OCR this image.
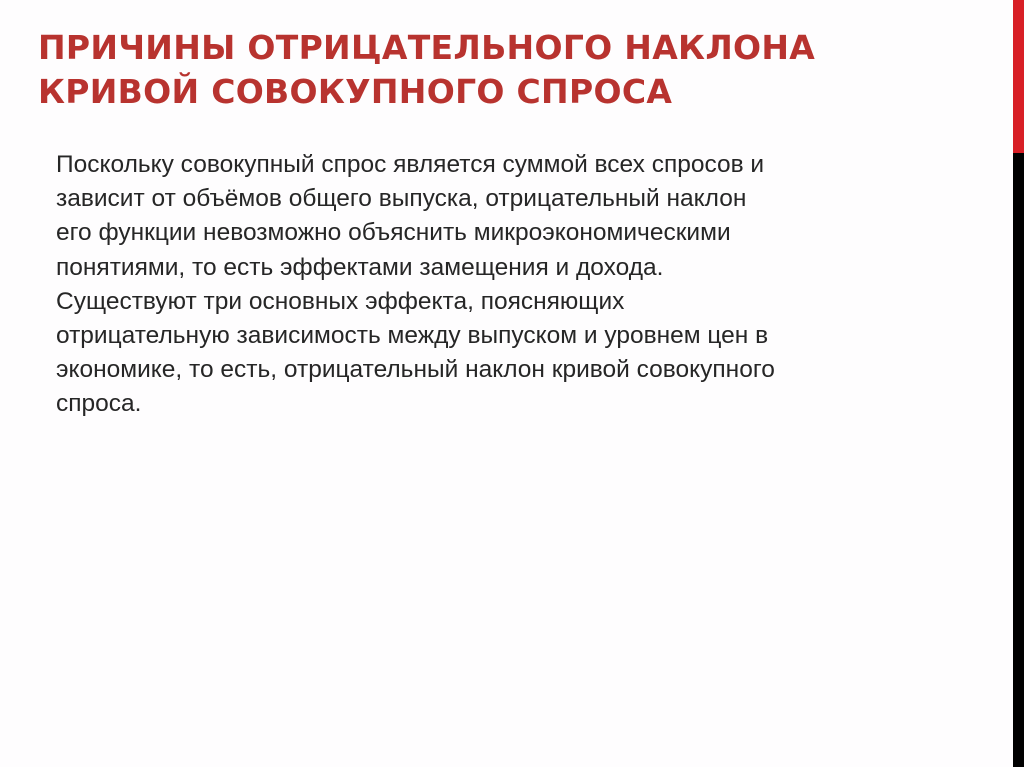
ПРИЧИНЫ ОТРИЦАТЕЛЬНОГО НАКЛОНА
КРИВОЙ СОВОКУПНОГО СПРОСА
Поскольку совокупный спрос является суммой всех спросов и
зависит от объёмов общего выпуска, отрицательный наклон
его функции невозможно объяснить микроэкономическими
понятиями, то есть эффектами замещения и дохода.
Существуют три основных эффекта, поясняющих
отрицательную зависимость между выпуском и уровнем цен в
экономике, то есть, отрицательный наклон кривой совокупного
спроса.
